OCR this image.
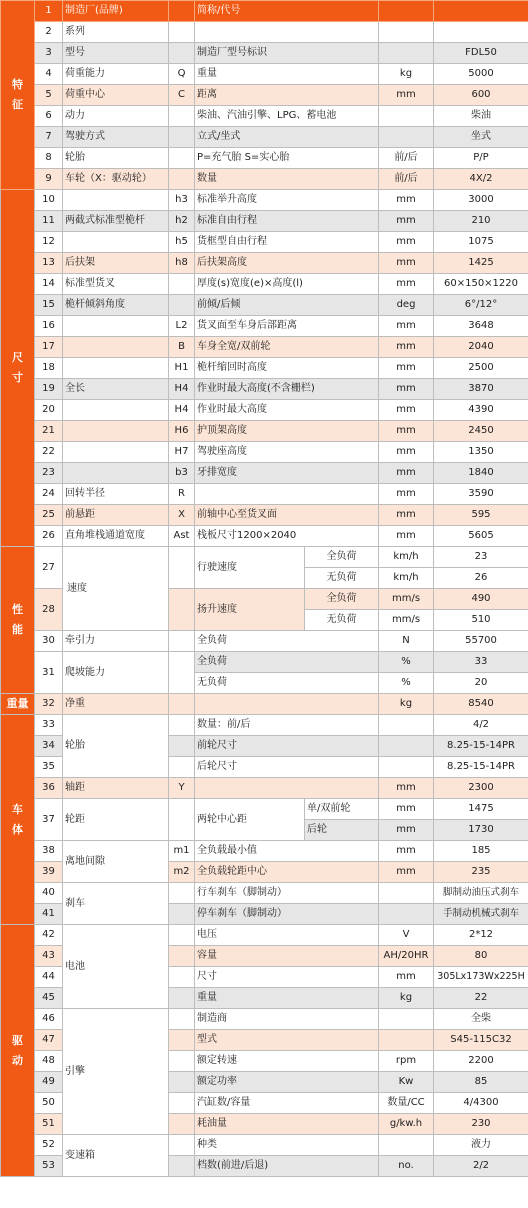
特
征	1	制造厂(品牌)		简称/代号			
	2	系列					
	3	型号		制造厂型号标识			FDL50
	4	荷重能力	Q	重量		kg	5000
	5	荷重中心	C	距离		mm	600
	6	动力		柴油、汽油引擎、LPG、蓄电池			柴油
	7	驾驶方式		立式/坐式			坐式
	8	轮胎		P=充气胎 S=实心胎		前/后	P/P
	9	车轮（X：驱动轮）		数量		前/后	4X/2
尺
寸	10		h3	标准举升高度		mm	3000
	11	两截式标准型桅杆	h2	标准自由行程		mm	210
	12		h5	货框型自由行程		mm	1075
	13	后扶架	h8	后扶架高度		mm	1425
	14	标准型货叉		厚度(s)宽度(e)×高度(l)		mm	60×150×1220
	15	桅杆倾斜角度		前倾/后倾		deg	6°/12°
	16		L2	货叉面至车身后部距离		mm	3648
	17		B	车身全宽/双前轮		mm	2040
	18		H1	桅杆缩回时高度		mm	2500
	19	全长	H4	作业时最大高度(不含栅栏)		mm	3870
	20		H4	作业时最大高度		mm	4390
	21		H6	护顶架高度		mm	2450
	22		H7	驾驶座高度		mm	1350
	23		b3	牙排宽度		mm	1840
	24	回转半径	R			mm	3590
	25	前悬距	X	前轴中心至货叉面		mm	595
	26	直角堆栈通道宽度	Ast	栈板尺寸1200×2040		mm	5605
性
能	27	速度		行驶速度	全负荷	km/h	23
					无负荷	km/h	26
	28			扬升速度	全负荷	mm/s	490
					无负荷	mm/s	510
	30	牵引力		全负荷		N	55700
	31	爬坡能力		全负荷		%	33
				无负荷		%	20
重量	32	净重				kg	8540
车
体	33	轮胎		数量：前/后			4/2
	34			前轮尺寸			8.25-15-14PR
	35			后轮尺寸			8.25-15-14PR
	36	轴距	Y			mm	2300
	37	轮距		两轮中心距	单/双前轮	mm	1475
					后轮	mm	1730
	38	离地间隙	m1	全负载最小值		mm	185
	39		m2	全负载轮距中心		mm	235
	40	刹车		行车刹车（脚制动）			脚制动油压式刹车
	41			停车刹车（脚制动）			手制动机械式刹车
驱
动	42	电池		电压		V	2*12
	43			容量		AH/20HR	80
	44			尺寸		mm	305Lx173Wx225H
	45			重量		kg	22
	46	引擎		制造商			全柴
	47			型式			S45-115C32
	48			额定转速		rpm	2200
	49			额定功率		Kw	85
	50			汽缸数/容量		数量/CC	4/4300
	51			耗油量		g/kw.h	230
	52	变速箱		种类			液力
	53			档数(前进/后退)		no.	2/2
